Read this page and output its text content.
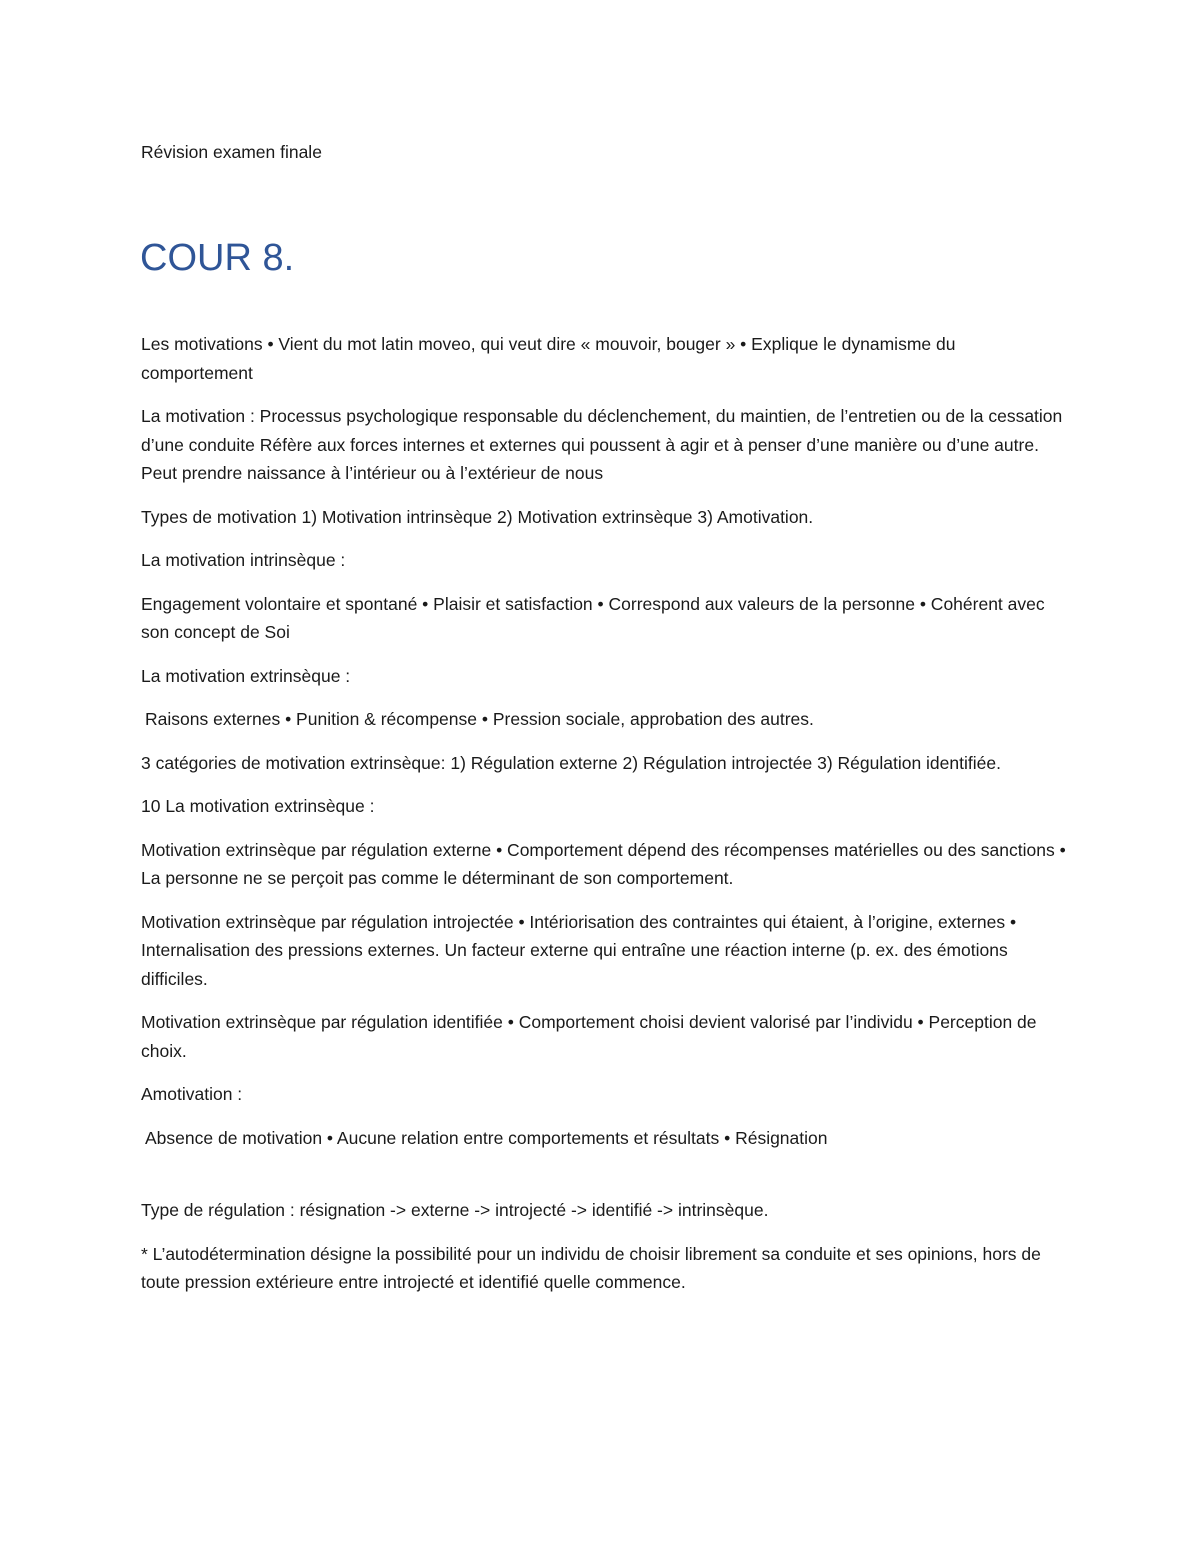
Révision examen finale
COUR 8.

Les motivations • Vient du mot latin moveo, qui veut dire « mouvoir, bouger » • Explique le dynamisme du comportement

La motivation : Processus psychologique responsable du déclenchement, du maintien, de l’entretien ou de la cessation d’une conduite Réfère aux forces internes et externes qui poussent à agir et à penser d’une manière ou d’une autre. Peut prendre naissance à l’intérieur ou à l’extérieur de nous

Types de motivation 1) Motivation intrinsèque 2) Motivation extrinsèque 3) Amotivation.

La motivation intrinsèque :

Engagement volontaire et spontané • Plaisir et satisfaction • Correspond aux valeurs de la personne • Cohérent avec son concept de Soi

La motivation extrinsèque :

Raisons externes • Punition & récompense • Pression sociale, approbation des autres.

3 catégories de motivation extrinsèque: 1) Régulation externe 2) Régulation introjectée 3) Régulation identifiée.

10 La motivation extrinsèque :

Motivation extrinsèque par régulation externe • Comportement dépend des récompenses matérielles ou des sanctions • La personne ne se perçoit pas comme le déterminant de son comportement.

Motivation extrinsèque par régulation introjectée • Intériorisation des contraintes qui étaient, à l’origine, externes • Internalisation des pressions externes. Un facteur externe qui entraîne une réaction interne (p. ex. des émotions difficiles.

Motivation extrinsèque par régulation identifiée • Comportement choisi devient valorisé par l’individu • Perception de choix.

Amotivation :

Absence de motivation • Aucune relation entre comportements et résultats • Résignation

Type de régulation : résignation -> externe -> introjecté -> identifié -> intrinsèque.

* L’autodétermination désigne la possibilité pour un individu de choisir librement sa conduite et ses opinions, hors de toute pression extérieure entre introjecté et identifié quelle commence.
